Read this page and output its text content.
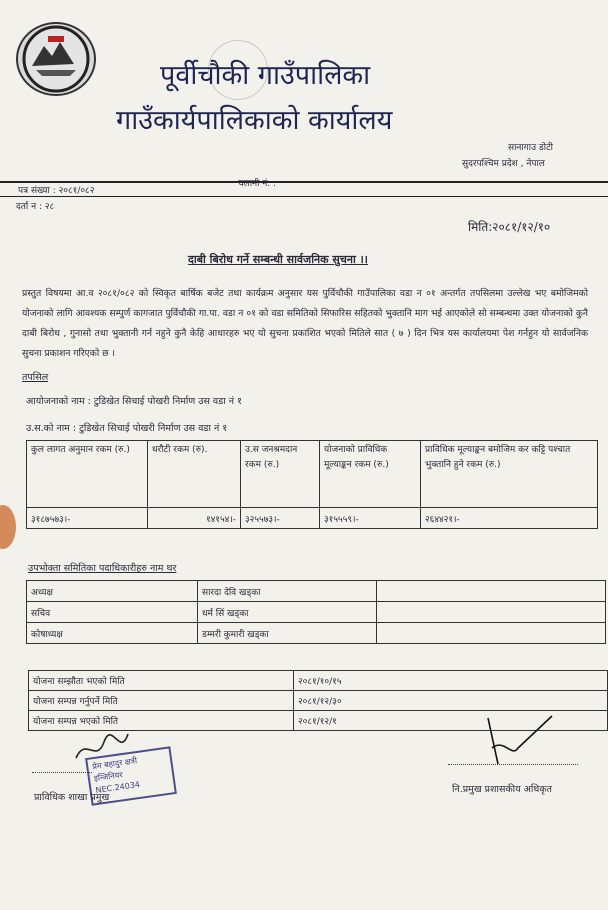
पूर्वीचौकी गाउँपालिका
गाउँकार्यपालिकाको कार्यालय
सानागाउ डोटी
सुदरपश्चिम प्रदेश , नेपाल
पत्र संख्या : २०८१/०८२
चलानी नं. :
दर्ता न : २८
मिति:२०८१/१२/१०
दाबी बिरोध गर्ने सम्बन्धी सार्वजनिक सुचना ।।
प्रस्तुत विषयमा आ.व २०८१/०८२ को स्विकृत बार्षिक बजेट तथा कार्यक्रम अनुसार यस पुर्विचौकी गाउँपालिका वडा न ०१ अन्तर्गत तपसिलमा उल्लेख भए बमोजिमको योजनाको लागि आवश्यक सम्पुर्ण कागजात पुर्विचौकी गा.पा. वडा न ०१ को वडा समितिको सिफारिस सहितको भुक्तानि माग भई आएकोले सो सम्बन्धमा उक्त योजनाको कुनै दाबी बिरोध , गुनासो तथा भुक्तानी गर्न नहुने कुनै केहि आधारहरु भए यो सुचना प्रकाशित भएको मितिले सात ( ७ ) दिन भित्र यस कार्यालयमा पेश गर्नहुन यो सार्वजनिक सुचना प्रकाशन गरिएको छ ।
तपसिल
आयोजनाको नाम : टुडिखेत सिचाई पोखरी निर्माण उस वडा नं १
उ.स.को नाम : टुडिखेत सिचाई पोखरी निर्माण उस वडा नं १
कुल लागत अनुमान रकम (रु.)	धरौटी रकम (रु).	उ.स जनश्रमदान रकम (रु.)	योजनाको प्राविधिक मूल्याङ्कन रकम (रु.)	प्राविधिक मूल्याङ्कन बमोजिम कर कट्टि पश्चात भुक्तानि हुने रकम (रु.)
३१८७५७३।-	१४१५४।-	३२५५७३।-	३१५५५९।-	२६४४२१।-
उपभोक्ता समितिका पदाधिकारीहरु नाम थर
अध्यक्ष	सारदा देवि खड्का	
सचिव	धर्म सिं खड्का	
कोषाध्यक्ष	डम्मरी कुमारी खड्का	
योजना सम्झौता भएको मिति	२०८१/१०/१५
योजना सम्पन्न गर्नुपर्ने मिति	२०८१/१२/३०
योजना सम्पन्न भएको मिति	२०८१/१२/१
प्रेम बहादुर क्षत्री
इन्जिनियर
NEC.24034
प्राविधिक शाखा प्रमुख
नि.प्रमुख प्रशासकीय अधिकृत
